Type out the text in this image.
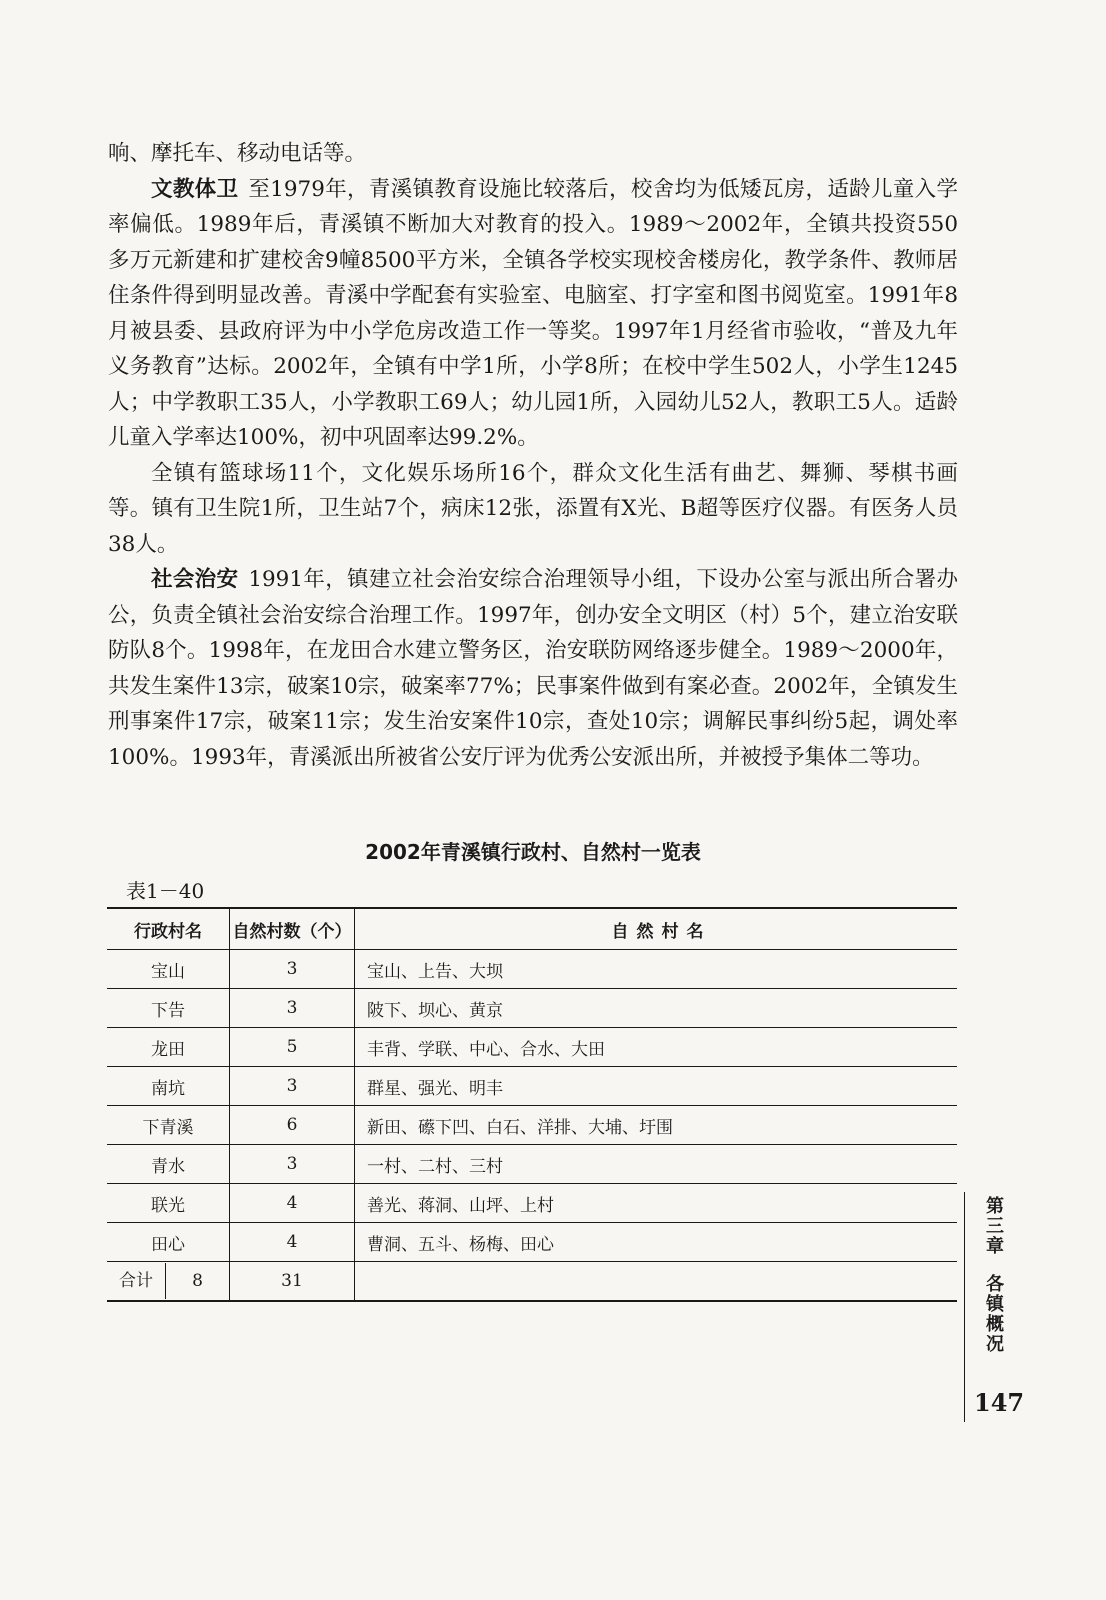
响、摩托车、移动电话等。

文教体卫 至1979年，青溪镇教育设施比较落后，校舍均为低矮瓦房，适龄儿童入学率偏低。1989年后，青溪镇不断加大对教育的投入。1989～2002年，全镇共投资550多万元新建和扩建校舍9幢8500平方米，全镇各学校实现校舍楼房化，教学条件、教师居住条件得到明显改善。青溪中学配套有实验室、电脑室、打字室和图书阅览室。1991年8月被县委、县政府评为中小学危房改造工作一等奖。1997年1月经省市验收，“普及九年义务教育”达标。2002年，全镇有中学1所，小学8所；在校中学生502人，小学生1245人；中学教职工35人，小学教职工69人；幼儿园1所，入园幼儿52人，教职工5人。适龄儿童入学率达100%，初中巩固率达99.2%。

全镇有篮球场11个，文化娱乐场所16个，群众文化生活有曲艺、舞狮、琴棋书画等。镇有卫生院1所，卫生站7个，病床12张，添置有X光、B超等医疗仪器。有医务人员38人。

社会治安 1991年，镇建立社会治安综合治理领导小组，下设办公室与派出所合署办公，负责全镇社会治安综合治理工作。1997年，创办安全文明区（村）5个，建立治安联防队8个。1998年，在龙田合水建立警务区，治安联防网络逐步健全。1989～2000年，共发生案件13宗，破案10宗，破案率77%；民事案件做到有案必查。2002年，全镇发生刑事案件17宗，破案11宗；发生治安案件10宗，查处10宗；调解民事纠纷5起，调处率100%。1993年，青溪派出所被省公安厅评为优秀公安派出所，并被授予集体二等功。

2002年青溪镇行政村、自然村一览表
表1－40
行政村名	自然村数（个）	自然村名
宝山	3	宝山、上告、大坝
下告	3	陂下、坝心、黄京
龙田	5	丰背、学联、中心、合水、大田
南坑	3	群星、强光、明丰
下青溪	6	新田、礤下凹、白石、洋排、大埔、圩围
青水	3	一村、二村、三村
联光	4	善光、蒋洞、山坪、上村
田心	4	曹洞、五斗、杨梅、田心

合计 8	31	
第三章各镇概况
147
